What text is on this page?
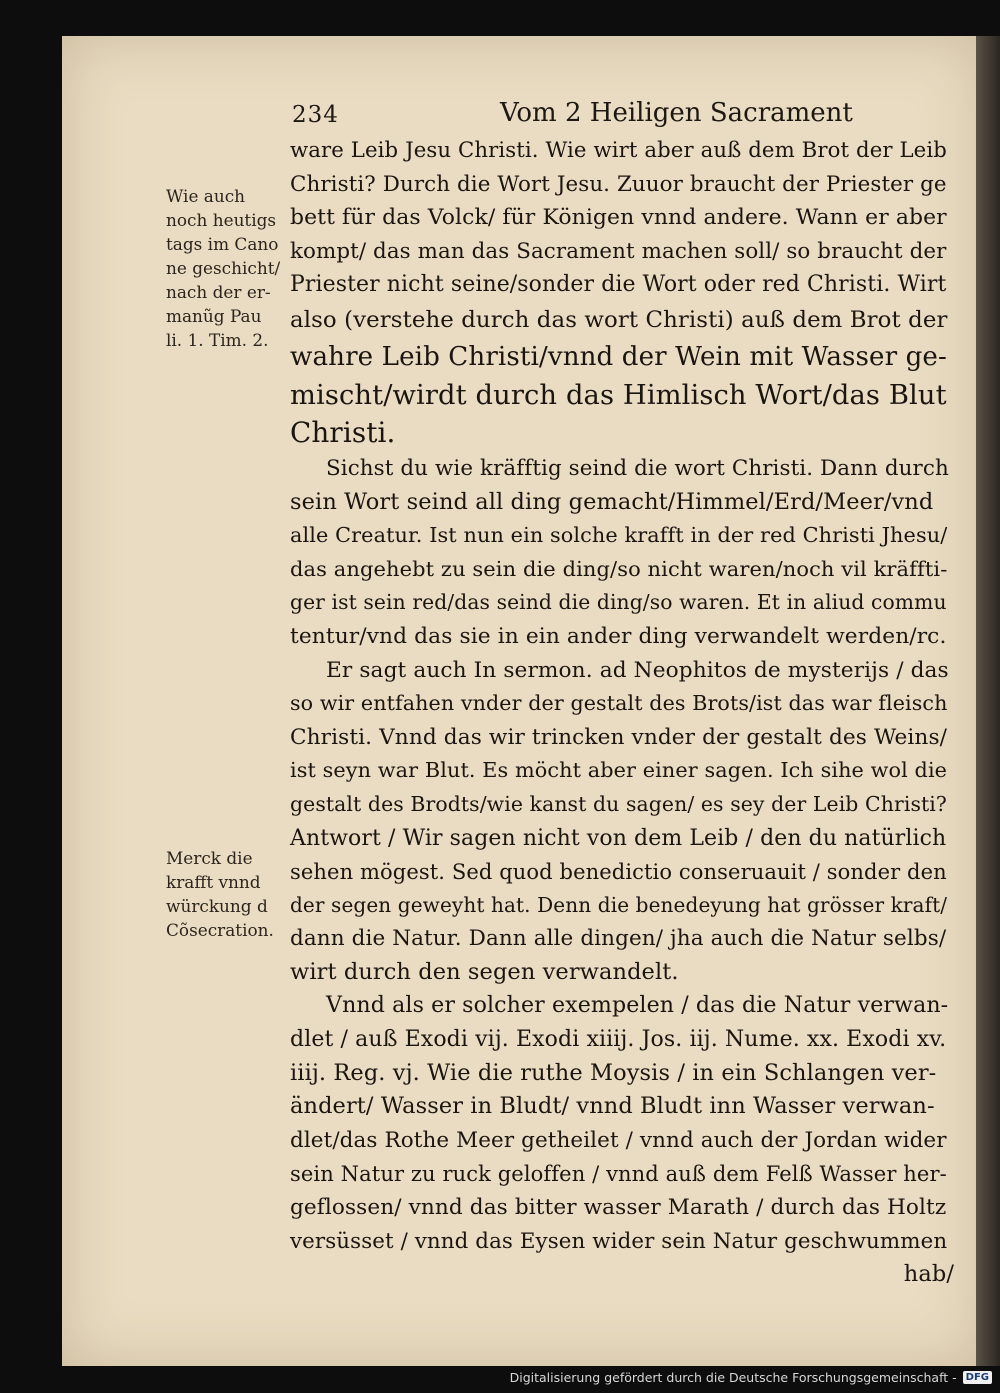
234	Vom 2 Heiligen Sacrament
Wie auch
noch heutigs
tags im Cano
ne geschicht/
nach der er-
manũg Pau
li. 1. Tim. 2.
Merck die
krafft vnnd
würckung d
Cõsecration.
ware Leib Jesu Christi. Wie wirt aber auß dem Brot der Leib
Christi? Durch die Wort Jesu. Zuuor braucht der Priester ge
bett für das Volck/ für Königen vnnd andere. Wann er aber
kompt/ das man das Sacrament machen soll/ so braucht der
Priester nicht seine/sonder die Wort oder red Christi. Wirt
also (verstehe durch das wort Christi) auß dem Brot der
wahre Leib Christi/vnnd der Wein mit Wasser ge-
mischt/wirdt durch das Himlisch Wort/das Blut
Christi.
Sichst du wie kräfftig seind die wort Christi. Dann durch
sein Wort seind all ding gemacht/Himmel/Erd/Meer/vnd
alle Creatur. Ist nun ein solche krafft in der red Christi Jhesu/
das angehebt zu sein die ding/so nicht waren/noch vil kräffti-
ger ist sein red/das seind die ding/so waren. Et in aliud commu
tentur/vnd das sie in ein ander ding verwandelt werden/rc.
Er sagt auch In sermon. ad Neophitos de mysterijs / das
so wir entfahen vnder der gestalt des Brots/ist das war fleisch
Christi. Vnnd das wir trincken vnder der gestalt des Weins/
ist seyn war Blut. Es möcht aber einer sagen. Ich sihe wol die
gestalt des Brodts/wie kanst du sagen/ es sey der Leib Christi?
Antwort / Wir sagen nicht von dem Leib / den du natürlich
sehen mögest. Sed quod benedictio conseruauit / sonder den
der segen geweyht hat. Denn die benedeyung hat grösser kraft/
dann die Natur. Dann alle dingen/ jha auch die Natur selbs/
wirt durch den segen verwandelt.
Vnnd als er solcher exempelen / das die Natur verwan-
dlet / auß Exodi vij. Exodi xiiij. Jos. iij. Nume. xx. Exodi xv.
iiij. Reg. vj. Wie die ruthe Moysis / in ein Schlangen ver-
ändert/ Wasser in Bludt/ vnnd Bludt inn Wasser verwan-
dlet/das Rothe Meer getheilet / vnnd auch der Jordan wider
sein Natur zu ruck geloffen / vnnd auß dem Felß Wasser her-
geflossen/ vnnd das bitter wasser Marath / durch das Holtz
versüsset / vnnd das Eysen wider sein Natur geschwummen
hab/
Digitalisierung gefördert durch die Deutsche Forschungsgemeinschaft - DFG
